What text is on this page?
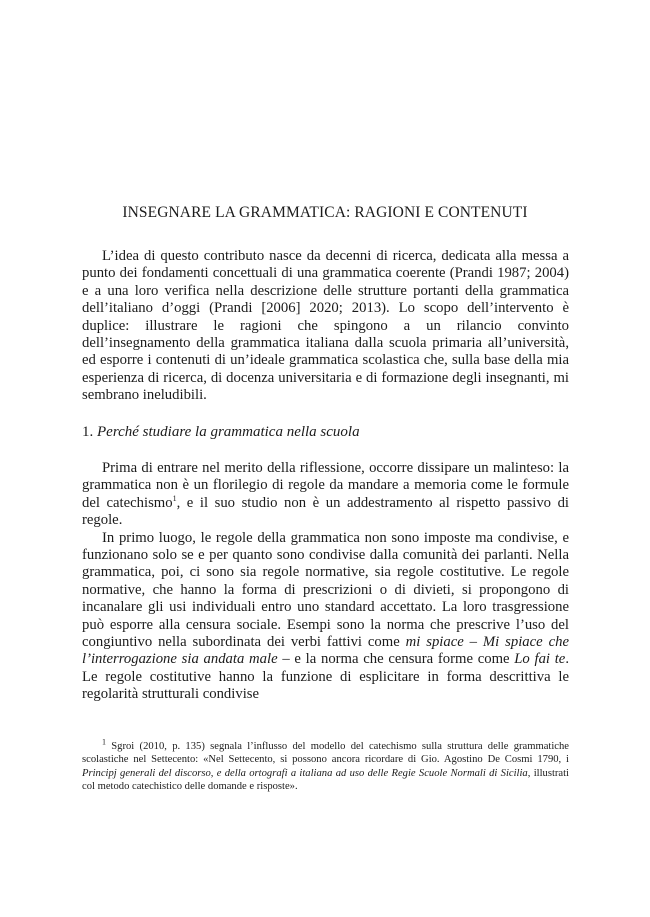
INSEGNARE LA GRAMMATICA: RAGIONI E CONTENUTI

L’idea di questo contributo nasce da decenni di ricerca, dedicata alla messa a punto dei fondamenti concettuali di una grammatica coerente (Prandi 1987; 2004) e a una loro verifica nella descrizione delle strutture portanti della grammatica dell’italiano d’oggi (Prandi [2006] 2020; 2013). Lo scopo dell’intervento è duplice: illustrare le ragioni che spingono a un rilancio convinto dell’insegnamento della grammatica italiana dalla scuola primaria all’università, ed esporre i contenuti di un’ideale grammatica scolastica che, sulla base della mia esperienza di ricerca, di docenza universitaria e di formazione degli insegnanti, mi sembrano ineludibili.

1. Perché studiare la grammatica nella scuola

Prima di entrare nel merito della riflessione, occorre dissipare un malinteso: la grammatica non è un florilegio di regole da mandare a memoria come le formule del catechismo$^1$, e il suo studio non è un addestramento al rispetto passivo di regole.

In primo luogo, le regole della grammatica non sono imposte ma condivise, e funzionano solo se e per quanto sono condivise dalla comunità dei parlanti. Nella grammatica, poi, ci sono sia regole normative, sia regole costitutive. Le regole normative, che hanno la forma di prescrizioni o di divieti, si propongono di incanalare gli usi individuali entro uno standard accettato. La loro trasgressione può esporre alla censura sociale. Esempi sono la norma che prescrive l’uso del congiuntivo nella subordinata dei verbi fattivi come mi spiace – Mi spiace che l’interrogazione sia andata male – e la norma che censura forme come Lo fai te. Le regole costitutive hanno la funzione di esplicitare in forma descrittiva le regolarità strutturali condivise

$^1$ Sgroi (2010, p. 135) segnala l’influsso del modello del catechismo sulla struttura delle grammatiche scolastiche nel Settecento: «Nel Settecento, si possono ancora ricordare di Gio. Agostino De Cosmi 1790, i Principj generali del discorso, e della ortografi a italiana ad uso delle Regie Scuole Normali di Sicilia, illustrati col metodo catechistico delle domande e risposte».
